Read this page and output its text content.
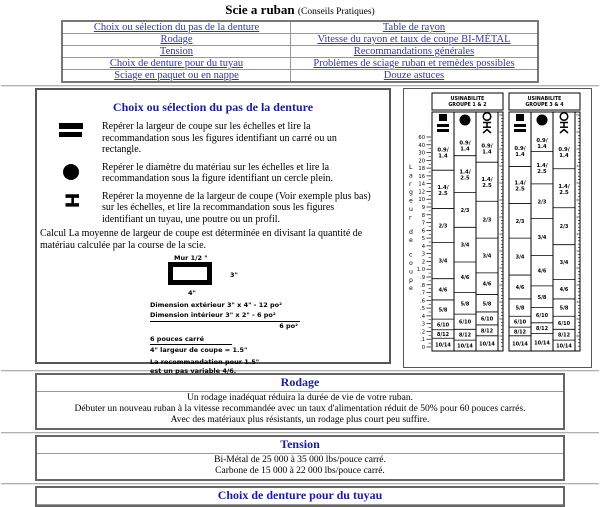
Scie a ruban (Conseils Pratiques)
Choix ou sélection du pas de la denture	Table de rayon
Rodage	Vitesse du rayon et taux de coupe BI-MÉTAL
Tension	Recommandations générales
Choix de denture pour du tuyau	Problèmes de sciage ruban et remèdes possibles
Sciage en paquet ou en nappe	Douze astuces
Choix ou sélection du pas de la denture
Repérer la largeur de coupe sur les échelles et lire la recommandation sous les figures identifiant un carré ou un rectangle.
Repérer le diamètre du matériau sur les échelles et lire la recommandation sous la figure identifiant un cercle plein.
H Repérer la moyenne de la largeur de coupe (Voir exemple plus bas) sur les échelles, et lire la recommandation sous les figures identifiant un tuyau, une poutre ou un profil.
Calcul La moyenne de largeur de coupe est déterminée en divisant la quantité de matériau calculée par la course de la scie.
Mur 1/2 "
3"
4"
Dimension extérieur 3" x 4" - 12 po²
Dimension intérieur 3" x 2" - 6 po²
6 po²
6 pouces carré
4" largeur de coupe = 1.5"
La recommandation pour 1.5"
est un pas variable 4/6.
60
40
30
20
18
16
14
12
10
9
8
7
6
5
4
3
2
1.0
.9
.8
.7
.6
.5
.4
.3
.2
.1
0
L
a
r
g
e
u
r
d
e
c
o
u
p
e
USINABILITE
GROUPE 1 & 2
0.9/
1.4
1.4/
2.5
2/3
3/4
4/6
5/8
6/10
8/12
10/14
0.9/
1.4
1.4/
2.5
2/3
3/4
4/6
5/8
6/10
8/12
10/14
0.9/
1.4
1.4/
2.5
2/3
3/4
4/6
5/8
6/10
8/12
10/14
USINABILITE
GROUPE 3 & 4
0.9/
1.4
1.4/
2.5
2/3
3/4
4/6
5/8
6/10
8/12
10/14
0.9/
1.4
1.4/
2.5
2/3
3/4
4/6
5/8
6/10
8/12
10/14
0.9/
1.4
1.4/
2.5
2/3
3/4
4/6
5/8
6/10
8/12
10/14
Rodage
Un rodage inadéquat réduira la durée de vie de votre ruban.
Débuter un nouveau ruban à la vitesse recommandée avec un taux d'alimentation réduit de 50% pour 60 pouces carrés.
Avec des matériaux plus résistants, un rodage plus court peu suffire.
Tension
Bi-Métal de 25 000 à 35 000 lbs/pouce carré.
Carbone de 15 000 à 22 000 lbs/pouce carré.
Choix de denture pour du tuyau
